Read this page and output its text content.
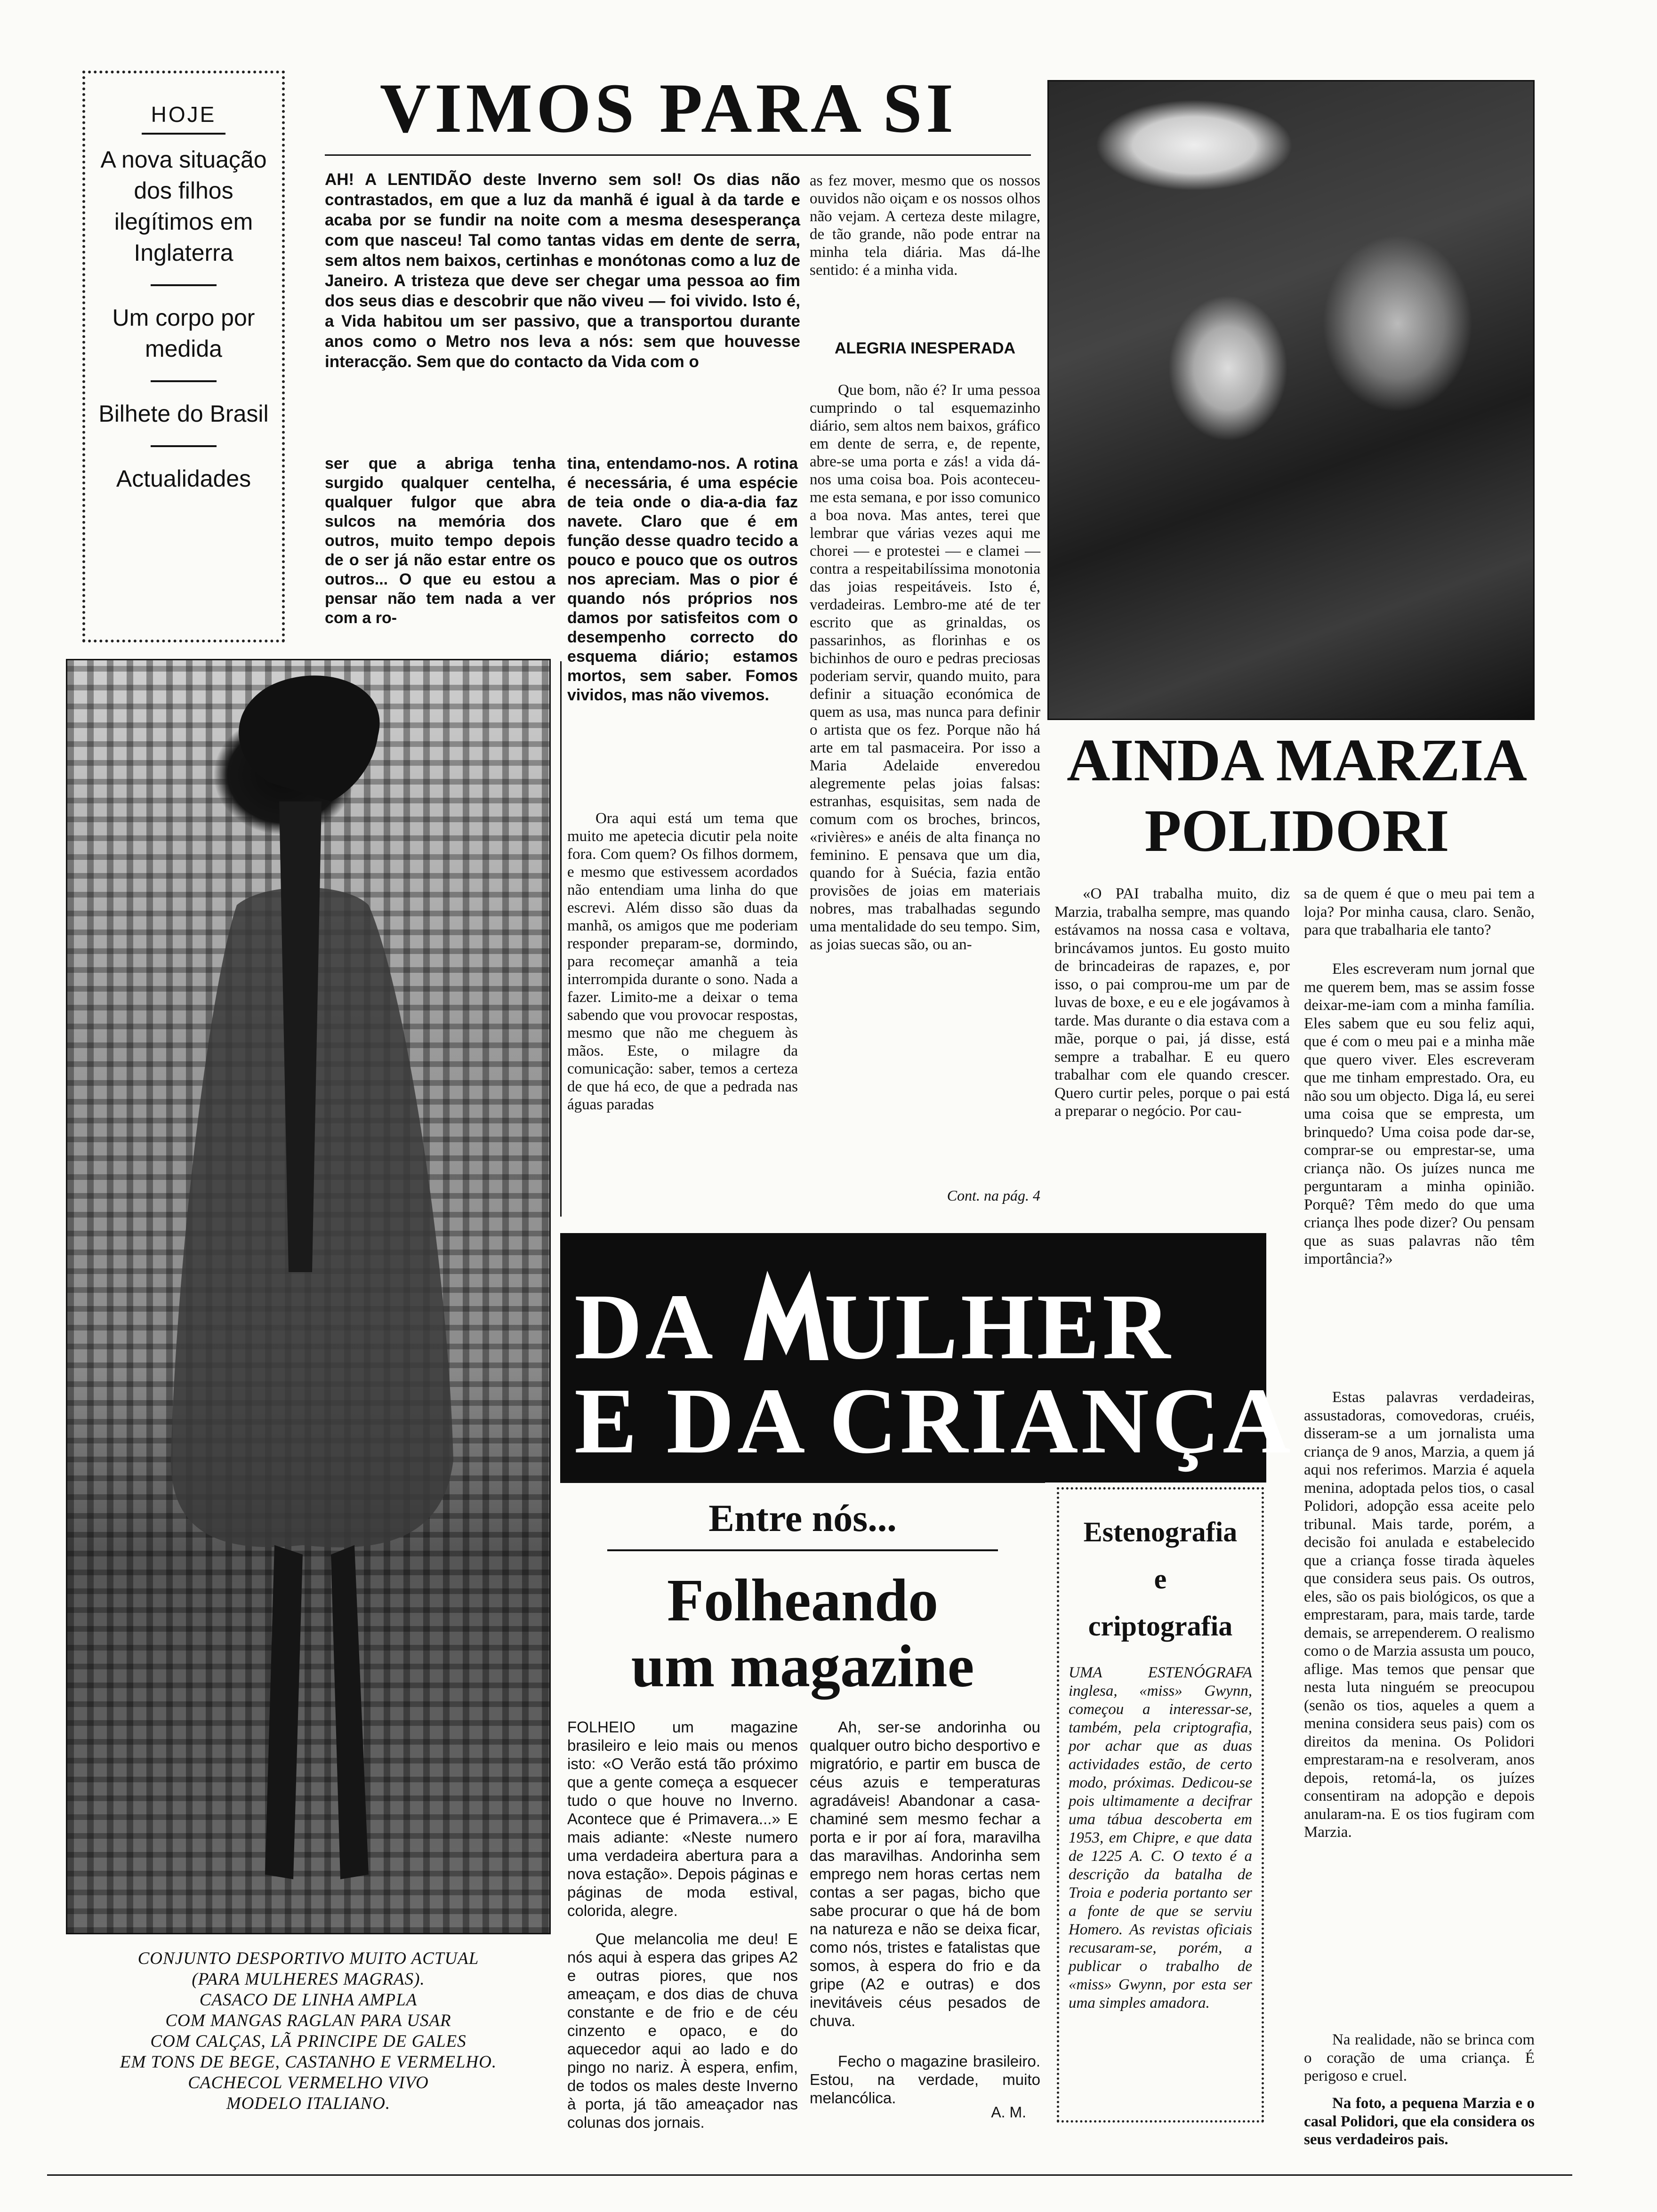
HOJE
A nova situação dos filhos ilegítimos em Inglaterra
Um corpo por medida
Bilhete do Brasil
Actualidades
VIMOS PARA SI
AH! A LENTIDÃO deste Inverno sem sol! Os dias não contrastados, em que a luz da manhã é igual à da tarde e acaba por se fundir na noite com a mesma desesperança com que nasceu! Tal como tantas vidas em dente de serra, sem altos nem baixos, certinhas e monótonas como a luz de Janeiro. A tristeza que deve ser chegar uma pessoa ao fim dos seus dias e descobrir que não viveu — foi vivido. Isto é, a Vida habitou um ser passivo, que a transportou durante anos como o Metro nos leva a nós: sem que houvesse interacção. Sem que do contacto da Vida com o
ser que a abriga tenha surgido qualquer centelha, qualquer fulgor que abra sulcos na memória dos outros, muito tempo depois de o ser já não estar entre os outros... O que eu estou a pensar não tem nada a ver com a ro-
tina, entendamo-nos. A rotina é necessária, é uma espécie de teia onde o dia-a-dia faz navete. Claro que é em função desse quadro tecido a pouco e pouco que os outros nos apreciam. Mas o pior é quando nós próprios nos damos por satisfeitos com o desempenho correcto do esquema diário; estamos mortos, sem saber. Fomos vividos, mas não vivemos.
Ora aqui está um tema que muito me apetecia dicutir pela noite fora. Com quem? Os filhos dormem, e mesmo que estivessem acordados não entendiam uma linha do que escrevi. Além disso são duas da manhã, os amigos que me poderiam responder preparam-se, dormindo, para recomeçar amanhã a teia interrompida durante o sono. Nada a fazer. Limito-me a deixar o tema sabendo que vou provocar respostas, mesmo que não me cheguem às mãos. Este, o milagre da comunicação: saber, temos a certeza de que há eco, de que a pedrada nas águas paradas
as fez mover, mesmo que os nossos ouvidos não oiçam e os nossos olhos não vejam. A certeza deste milagre, de tão grande, não pode entrar na minha tela diária. Mas dá-lhe sentido: é a minha vida.
ALEGRIA INESPERADA
Que bom, não é? Ir uma pessoa cumprindo o tal esquemazinho diário, sem altos nem baixos, gráfico em dente de serra, e, de repente, abre-se uma porta e zás! a vida dá-nos uma coisa boa. Pois aconteceu-me esta semana, e por isso comunico a boa nova. Mas antes, terei que lembrar que várias vezes aqui me chorei — e protestei — e clamei — contra a respeitabilíssima monotonia das joias respeitáveis. Isto é, verdadeiras. Lembro-me até de ter escrito que as grinaldas, os passarinhos, as florinhas e os bichinhos de ouro e pedras preciosas poderiam servir, quando muito, para definir a situação económica de quem as usa, mas nunca para definir o artista que os fez. Porque não há arte em tal pasmaceira. Por isso a Maria Adelaide enveredou alegremente pelas joias falsas: estranhas, esquisitas, sem nada de comum com os broches, brincos, «rivières» e anéis de alta finança no feminino. E pensava que um dia, quando for à Suécia, fazia então provisões de joias em materiais nobres, mas trabalhadas segundo uma mentalidade do seu tempo. Sim, as joias suecas são, ou an-
Cont. na pág. 4
AINDA MARZIA
POLIDORI
«O PAI trabalha muito, diz Marzia, trabalha sempre, mas quando estávamos na nossa casa e voltava, brincávamos juntos. Eu gosto muito de brincadeiras de rapazes, e, por isso, o pai comprou-me um par de luvas de boxe, e eu e ele jogávamos à tarde. Mas durante o dia estava com a mãe, porque o pai, já disse, está sempre a trabalhar. E eu quero trabalhar com ele quando crescer. Quero curtir peles, porque o pai está a preparar o negócio. Por cau-
sa de quem é que o meu pai tem a loja? Por minha causa, claro. Senão, para que trabalharia ele tanto?
Eles escreveram num jornal que me querem bem, mas se assim fosse deixar-me-iam com a minha família. Eles sabem que eu sou feliz aqui, que é com o meu pai e a minha mãe que quero viver. Eles escreveram que me tinham emprestado. Ora, eu não sou um objecto. Diga lá, eu serei uma coisa que se empresta, um brinquedo? Uma coisa pode dar-se, comprar-se ou emprestar-se, uma criança não. Os juízes nunca me perguntaram a minha opinião. Porquê? Têm medo do que uma criança lhes pode dizer? Ou pensam que as suas palavras não têm importância?»
Estas palavras verdadeiras, assustadoras, comovedoras, cruéis, disseram-se a um jornalista uma criança de 9 anos, Marzia, a quem já aqui nos referimos. Marzia é aquela menina, adoptada pelos tios, o casal Polidori, adopção essa aceite pelo tribunal. Mais tarde, porém, a decisão foi anulada e estabelecido que a criança fosse tirada àqueles que considera seus pais. Os outros, eles, são os pais biológicos, os que a emprestaram, para, mais tarde, tarde demais, se arrependerem. O realismo como o de Marzia assusta um pouco, aflige. Mas temos que pensar que nesta luta ninguém se preocupou (senão os tios, aqueles a quem a menina considera seus pais) com os direitos da menina. Os Polidori emprestaram-na e resolveram, anos depois, retomá-la, os juízes consentiram na adopção e depois anularam-na. E os tios fugiram com Marzia.
Na realidade, não se brinca com o coração de uma criança. É perigoso e cruel.
Na foto, a pequena Marzia e o casal Polidori, que ela considera os seus verdadeiros pais.
CONJUNTO DESPORTIVO MUITO ACTUAL
(PARA MULHERES MAGRAS).
CASACO DE LINHA AMPLA
COM MANGAS RAGLAN PARA USAR
COM CALÇAS, LÃ PRINCIPE DE GALES
EM TONS DE BEGE, CASTANHO E VERMELHO.
CACHECOL VERMELHO VIVO
MODELO ITALIANO.
DA ULHER
E DA CRIANÇA
Entre nós...
Folheando
um magazine
FOLHEIO um magazine brasileiro e leio mais ou menos isto: «O Verão está tão próximo que a gente começa a esquecer tudo o que houve no Inverno. Acontece que é Primavera...» E mais adiante: «Neste numero uma verdadeira abertura para a nova estação». Depois páginas e páginas de moda estival, colorida, alegre.
Que melancolia me deu! E nós aqui à espera das gripes A2 e outras piores, que nos ameaçam, e dos dias de chuva constante e de frio e de céu cinzento e opaco, e do aquecedor aqui ao lado e do pingo no nariz. À espera, enfim, de todos os males deste Inverno à porta, já tão ameaçador nas colunas dos jornais.
Ah, ser-se andorinha ou qualquer outro bicho desportivo e migratório, e partir em busca de céus azuis e temperaturas agradáveis! Abandonar a casa-chaminé sem mesmo fechar a porta e ir por aí fora, maravilha das maravilhas. Andorinha sem emprego nem horas certas nem contas a ser pagas, bicho que sabe procurar o que há de bom na natureza e não se deixa ficar, como nós, tristes e fatalistas que somos, à espera do frio e da gripe (A2 e outras) e dos inevitáveis céus pesados de chuva.
Fecho o magazine brasileiro. Estou, na verdade, muito melancólica.
A. M.
Estenografia
e
criptografia
UMA ESTENÓGRAFA inglesa, «miss» Gwynn, começou a interessar-se, também, pela criptografia, por achar que as duas actividades estão, de certo modo, próximas. Dedicou-se pois ultimamente a decifrar uma tábua descoberta em 1953, em Chipre, e que data de 1225 A. C. O texto é a descrição da batalha de Troia e poderia portanto ser a fonte de que se serviu Homero. As revistas oficiais recusaram-se, porém, a publicar o trabalho de «miss» Gwynn, por esta ser uma simples amadora.
